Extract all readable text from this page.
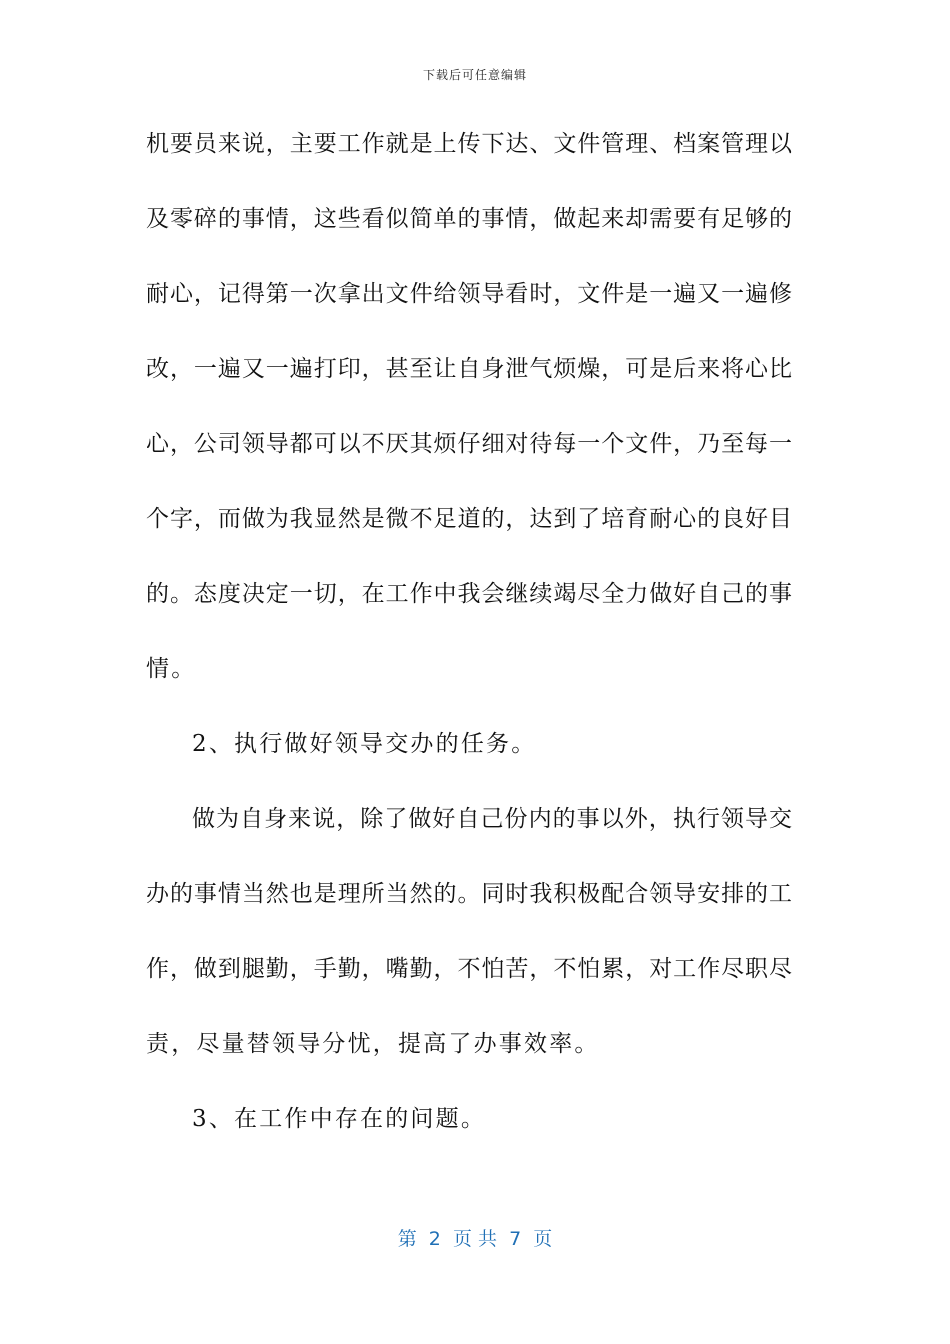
下载后可任意编辑
机要员来说，主要工作就是上传下达、文件管理、档案管理以
及零碎的事情，这些看似简单的事情，做起来却需要有足够的
耐心，记得第一次拿出文件给领导看时，文件是一遍又一遍修
改，一遍又一遍打印，甚至让自身泄气烦燥，可是后来将心比
心，公司领导都可以不厌其烦仔细对待每一个文件，乃至每一
个字，而做为我显然是微不足道的，达到了培育耐心的良好目
的。态度决定一切，在工作中我会继续竭尽全力做好自己的事
情。
2、执行做好领导交办的任务。
做为自身来说，除了做好自己份内的事以外，执行领导交
办的事情当然也是理所当然的。同时我积极配合领导安排的工
作，做到腿勤，手勤，嘴勤，不怕苦，不怕累，对工作尽职尽
责，尽量替领导分忧，提高了办事效率。
3、在工作中存在的问题。
第  2  页 共  7  页
